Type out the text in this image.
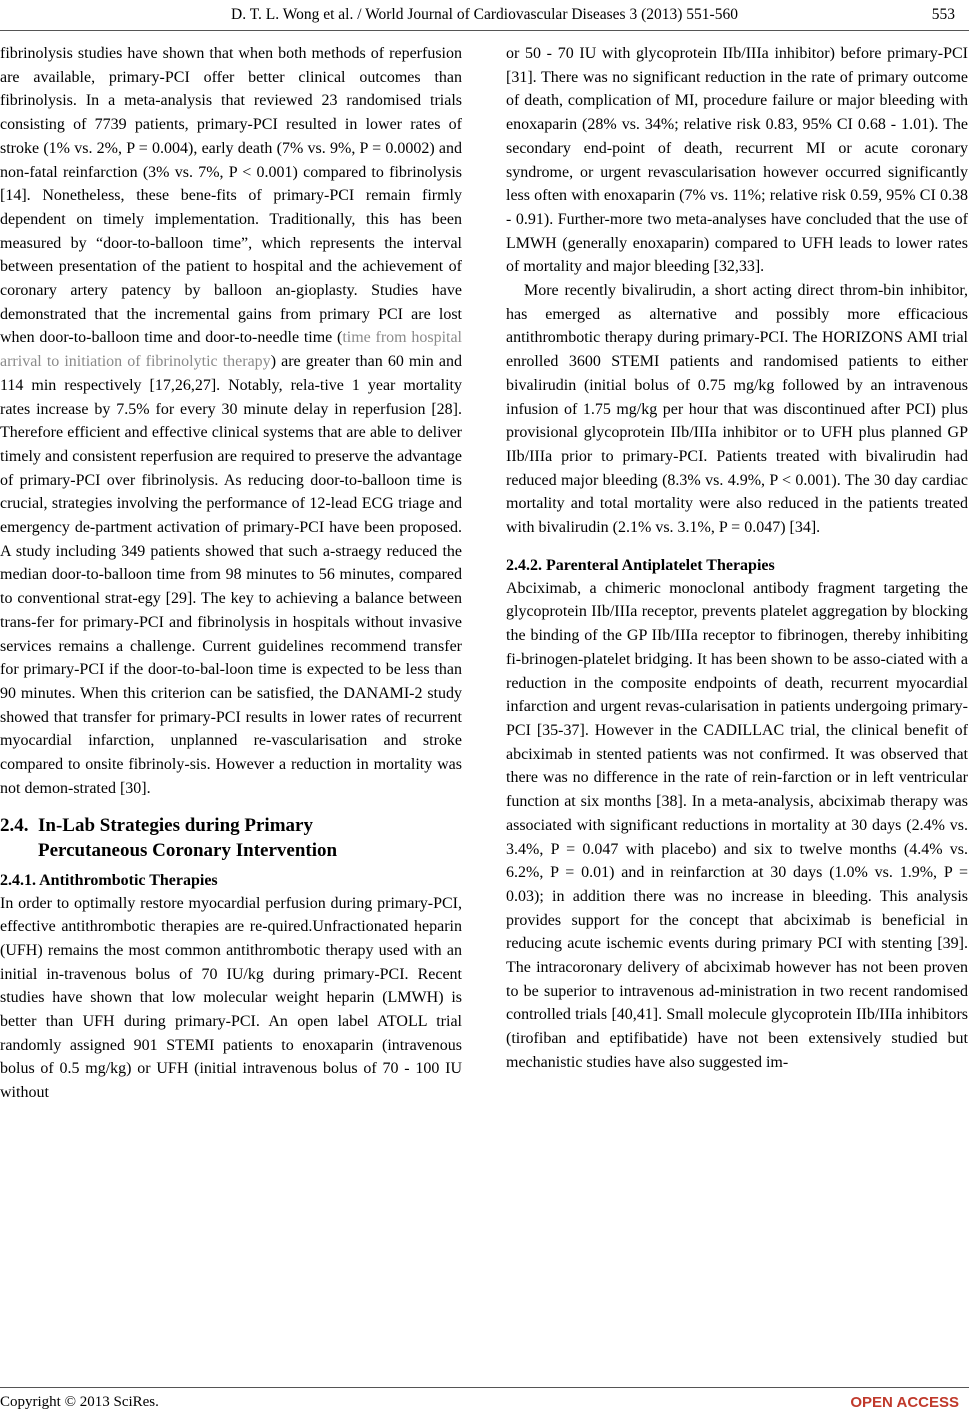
D. T. L. Wong et al. / World Journal of Cardiovascular Diseases 3 (2013) 551-560	553

fibrinolysis studies have shown that when both methods of reperfusion are available, primary-PCI offer better clinical outcomes than fibrinolysis. In a meta-analysis that reviewed 23 randomised trials consisting of 7739 patients, primary-PCI resulted in lower rates of stroke (1% vs. 2%, P = 0.004), early death (7% vs. 9%, P = 0.0002) and non-fatal reinfarction (3% vs. 7%, P < 0.001) compared to fibrinolysis [14]. Nonetheless, these bene-fits of primary-PCI remain firmly dependent on timely implementation. Traditionally, this has been measured by “door-to-balloon time”, which represents the interval between presentation of the patient to hospital and the achievement of coronary artery patency by balloon an-gioplasty. Studies have demonstrated that the incremental gains from primary PCI are lost when door-to-balloon time and door-to-needle time (time from hospital arrival to initiation of fibrinolytic therapy) are greater than 60 min and 114 min respectively [17,26,27]. Notably, rela-tive 1 year mortality rates increase by 7.5% for every 30 minute delay in reperfusion [28]. Therefore efficient and effective clinical systems that are able to deliver timely and consistent reperfusion are required to preserve the advantage of primary-PCI over fibrinolysis. As reducing door-to-balloon time is crucial, strategies involving the performance of 12-lead ECG triage and emergency de-partment activation of primary-PCI have been proposed. A study including 349 patients showed that such a-straegy reduced the median door-to-balloon time from 98 minutes to 56 minutes, compared to conventional strat-egy [29]. The key to achieving a balance between trans-fer for primary-PCI and fibrinolysis in hospitals without invasive services remains a challenge. Current guidelines recommend transfer for primary-PCI if the door-to-bal-loon time is expected to be less than 90 minutes. When this criterion can be satisfied, the DANAMI-2 study showed that transfer for primary-PCI results in lower rates of recurrent myocardial infarction, unplanned re-vascularisation and stroke compared to onsite fibrinoly-sis. However a reduction in mortality was not demon-strated [30].

2.4. In-Lab Strategies during Primary
Percutaneous Coronary Intervention
2.4.1. Antithrombotic Therapies

In order to optimally restore myocardial perfusion during primary-PCI, effective antithrombotic therapies are re-quired.Unfractionated heparin (UFH) remains the most common antithrombotic therapy used with an initial in-travenous bolus of 70 IU/kg during primary-PCI. Recent studies have shown that low molecular weight heparin (LMWH) is better than UFH during primary-PCI. An open label ATOLL trial randomly assigned 901 STEMI patients to enoxaparin (intravenous bolus of 0.5 mg/kg) or UFH (initial intravenous bolus of 70 - 100 IU without

or 50 - 70 IU with glycoprotein IIb/IIIa inhibitor) before primary-PCI [31]. There was no significant reduction in the rate of primary outcome of death, complication of MI, procedure failure or major bleeding with enoxaparin (28% vs. 34%; relative risk 0.83, 95% CI 0.68 - 1.01). The secondary end-point of death, recurrent MI or acute coronary syndrome, or urgent revascularisation however occurred significantly less often with enoxaparin (7% vs. 11%; relative risk 0.59, 95% CI 0.38 - 0.91). Further-more two meta-analyses have concluded that the use of LMWH (generally enoxaparin) compared to UFH leads to lower rates of mortality and major bleeding [32,33].

More recently bivalirudin, a short acting direct throm-bin inhibitor, has emerged as alternative and possibly more efficacious antithrombotic therapy during primary-PCI. The HORIZONS AMI trial enrolled 3600 STEMI patients and randomised patients to either bivalirudin (initial bolus of 0.75 mg/kg followed by an intravenous infusion of 1.75 mg/kg per hour that was discontinued after PCI) plus provisional glycoprotein IIb/IIIa inhibitor or to UFH plus planned GP IIb/IIIa prior to primary-PCI. Patients treated with bivalirudin had reduced major bleeding (8.3% vs. 4.9%, P < 0.001). The 30 day cardiac mortality and total mortality were also reduced in the patients treated with bivalirudin (2.1% vs. 3.1%, P = 0.047) [34].

2.4.2. Parenteral Antiplatelet Therapies

Abciximab, a chimeric monoclonal antibody fragment targeting the glycoprotein IIb/IIIa receptor, prevents platelet aggregation by blocking the binding of the GP IIb/IIIa receptor to fibrinogen, thereby inhibiting fi-brinogen-platelet bridging. It has been shown to be asso-ciated with a reduction in the composite endpoints of death, recurrent myocardial infarction and urgent revas-cularisation in patients undergoing primary-PCI [35-37]. However in the CADILLAC trial, the clinical benefit of abciximab in stented patients was not confirmed. It was observed that there was no difference in the rate of rein-farction or in left ventricular function at six months [38]. In a meta-analysis, abciximab therapy was associated with significant reductions in mortality at 30 days (2.4% vs. 3.4%, P = 0.047 with placebo) and six to twelve months (4.4% vs. 6.2%, P = 0.01) and in reinfarction at 30 days (1.0% vs. 1.9%, P = 0.03); in addition there was no increase in bleeding. This analysis provides support for the concept that abciximab is beneficial in reducing acute ischemic events during primary PCI with stenting [39]. The intracoronary delivery of abciximab however has not been proven to be superior to intravenous ad-ministration in two recent randomised controlled trials [40,41]. Small molecule glycoprotein IIb/IIIa inhibitors (tirofiban and eptifibatide) have not been extensively studied but mechanistic studies have also suggested im-

Copyright © 2013 SciRes.	OPEN ACCESS
